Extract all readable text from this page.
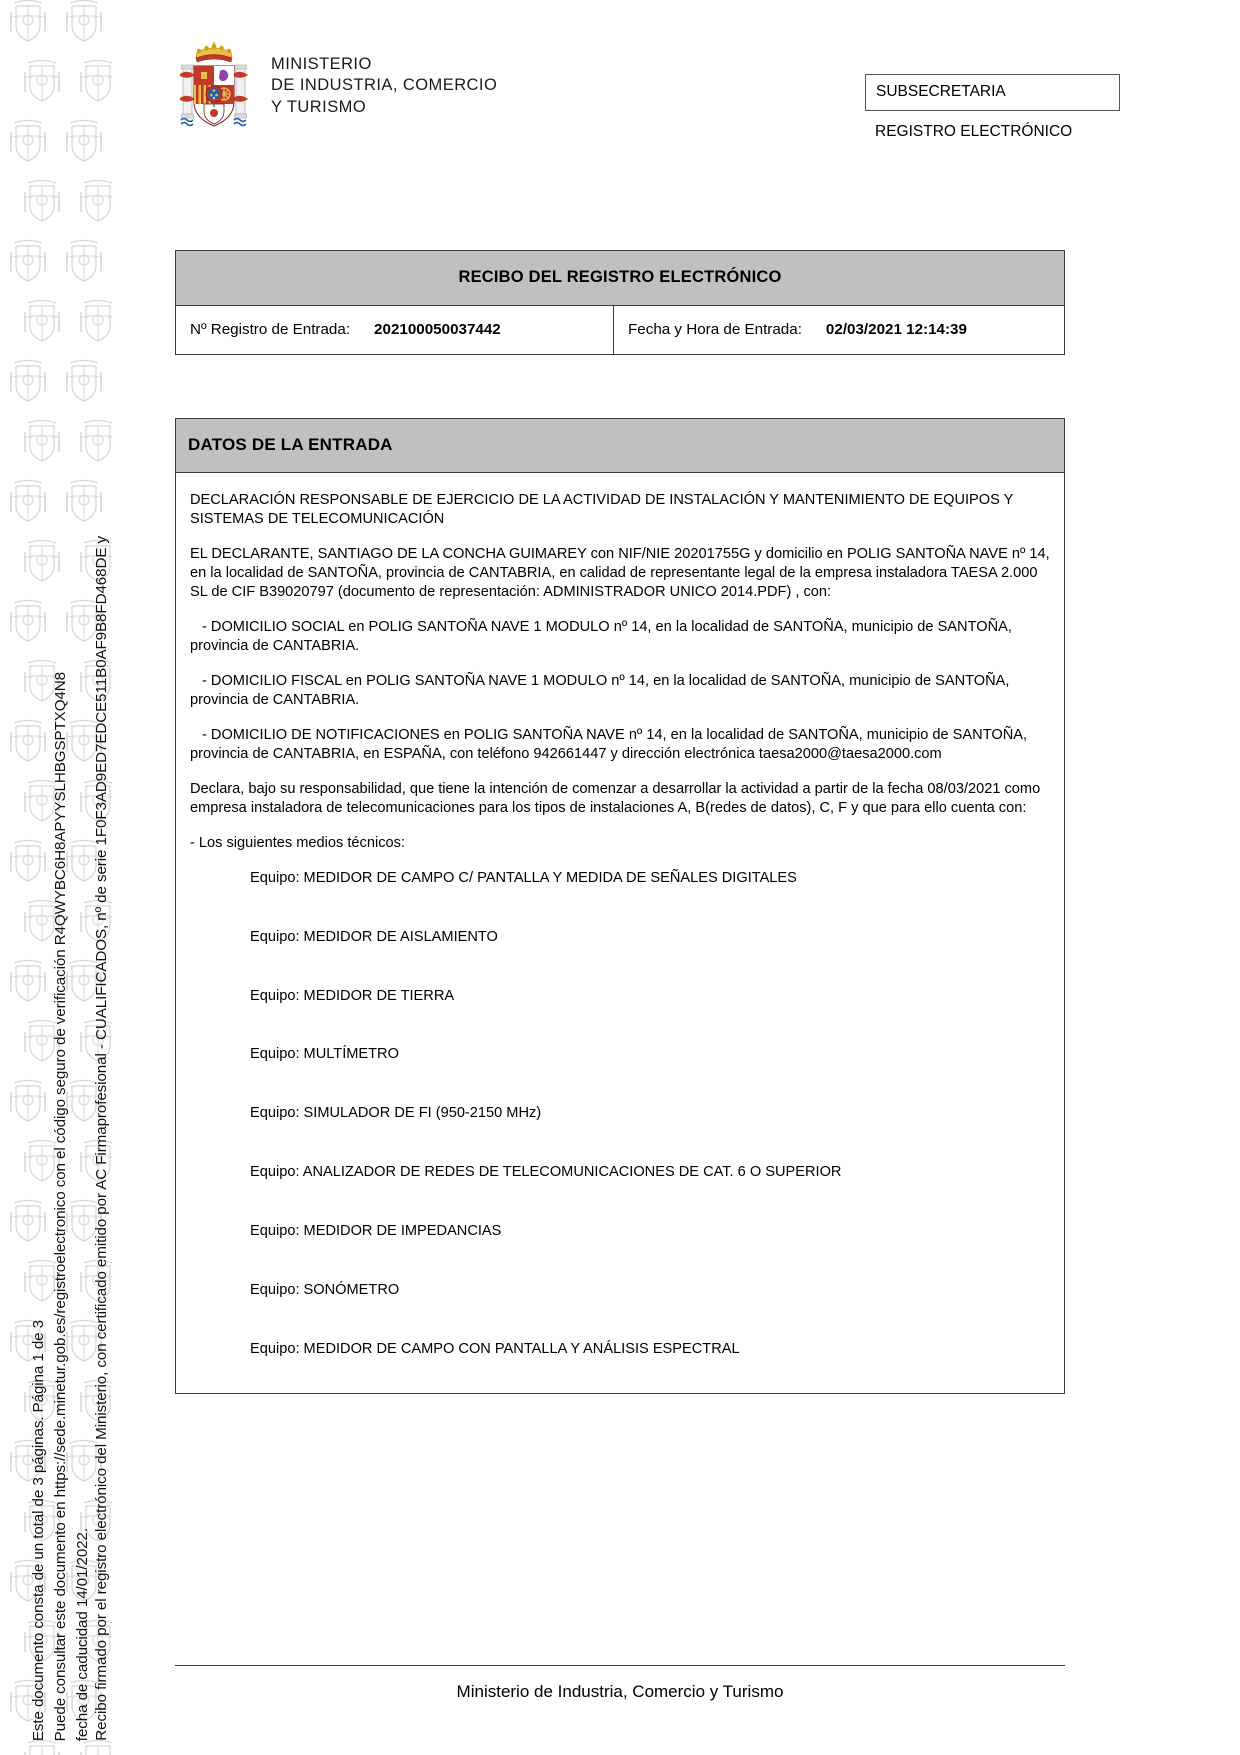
Este documento consta de un total de 3 páginas. Página 1 de 3 Puede consultar este documento en https://sede.minetur.gob.es/registroelectronico con el código seguro de verificación R4QWYBC6H8APYYSLHBGSPTXQ4N8 fecha de caducidad 14/01/2022. Recibo firmado por el registro electrónico del Ministerio, con certificado emitido por AC Firmaprofesional - CUALIFICADOS, nº de serie 1F0F3AD9ED7EDCE511B0AF9B8FD468DE y
MINISTERIO
DE INDUSTRIA, COMERCIO
Y TURISMO
SUBSECRETARIA
REGISTRO ELECTRÓNICO
RECIBO DEL REGISTRO ELECTRÓNICO
Nº Registro de Entrada: 202100050037442	Fecha y Hora de Entrada: 02/03/2021 12:14:39
DATOS DE LA ENTRADA

DECLARACIÓN RESPONSABLE DE EJERCICIO DE LA ACTIVIDAD DE INSTALACIÓN Y MANTENIMIENTO DE EQUIPOS Y SISTEMAS DE TELECOMUNICACIÓN

EL DECLARANTE, SANTIAGO DE LA CONCHA GUIMAREY con NIF/NIE 20201755G y domicilio en POLIG SANTOÑA NAVE nº 14, en la localidad de SANTOÑA, provincia de CANTABRIA, en calidad de representante legal de la empresa instaladora TAESA 2.000 SL de CIF B39020797 (documento de representación: ADMINISTRADOR UNICO 2014.PDF) , con:

- DOMICILIO SOCIAL en POLIG SANTOÑA NAVE 1 MODULO nº 14, en la localidad de SANTOÑA, municipio de SANTOÑA, provincia de CANTABRIA.

- DOMICILIO FISCAL en POLIG SANTOÑA NAVE 1 MODULO nº 14, en la localidad de SANTOÑA, municipio de SANTOÑA, provincia de CANTABRIA.

- DOMICILIO DE NOTIFICACIONES en POLIG SANTOÑA NAVE nº 14, en la localidad de SANTOÑA, municipio de SANTOÑA, provincia de CANTABRIA, en ESPAÑA, con teléfono 942661447 y dirección electrónica taesa2000@taesa2000.com

Declara, bajo su responsabilidad, que tiene la intención de comenzar a desarrollar la actividad a partir de la fecha 08/03/2021 como empresa instaladora de telecomunicaciones para los tipos de instalaciones A, B(redes de datos), C, F y que para ello cuenta con:

- Los siguientes medios técnicos:

Equipo: MEDIDOR DE CAMPO C/ PANTALLA Y MEDIDA DE SEÑALES DIGITALES
Equipo: MEDIDOR DE AISLAMIENTO
Equipo: MEDIDOR DE TIERRA
Equipo: MULTÍMETRO
Equipo: SIMULADOR DE FI (950-2150 MHz)
Equipo: ANALIZADOR DE REDES DE TELECOMUNICACIONES DE CAT. 6 O SUPERIOR
Equipo: MEDIDOR DE IMPEDANCIAS
Equipo: SONÓMETRO
Equipo: MEDIDOR DE CAMPO CON PANTALLA Y ANÁLISIS ESPECTRAL
Ministerio de Industria, Comercio y Turismo
